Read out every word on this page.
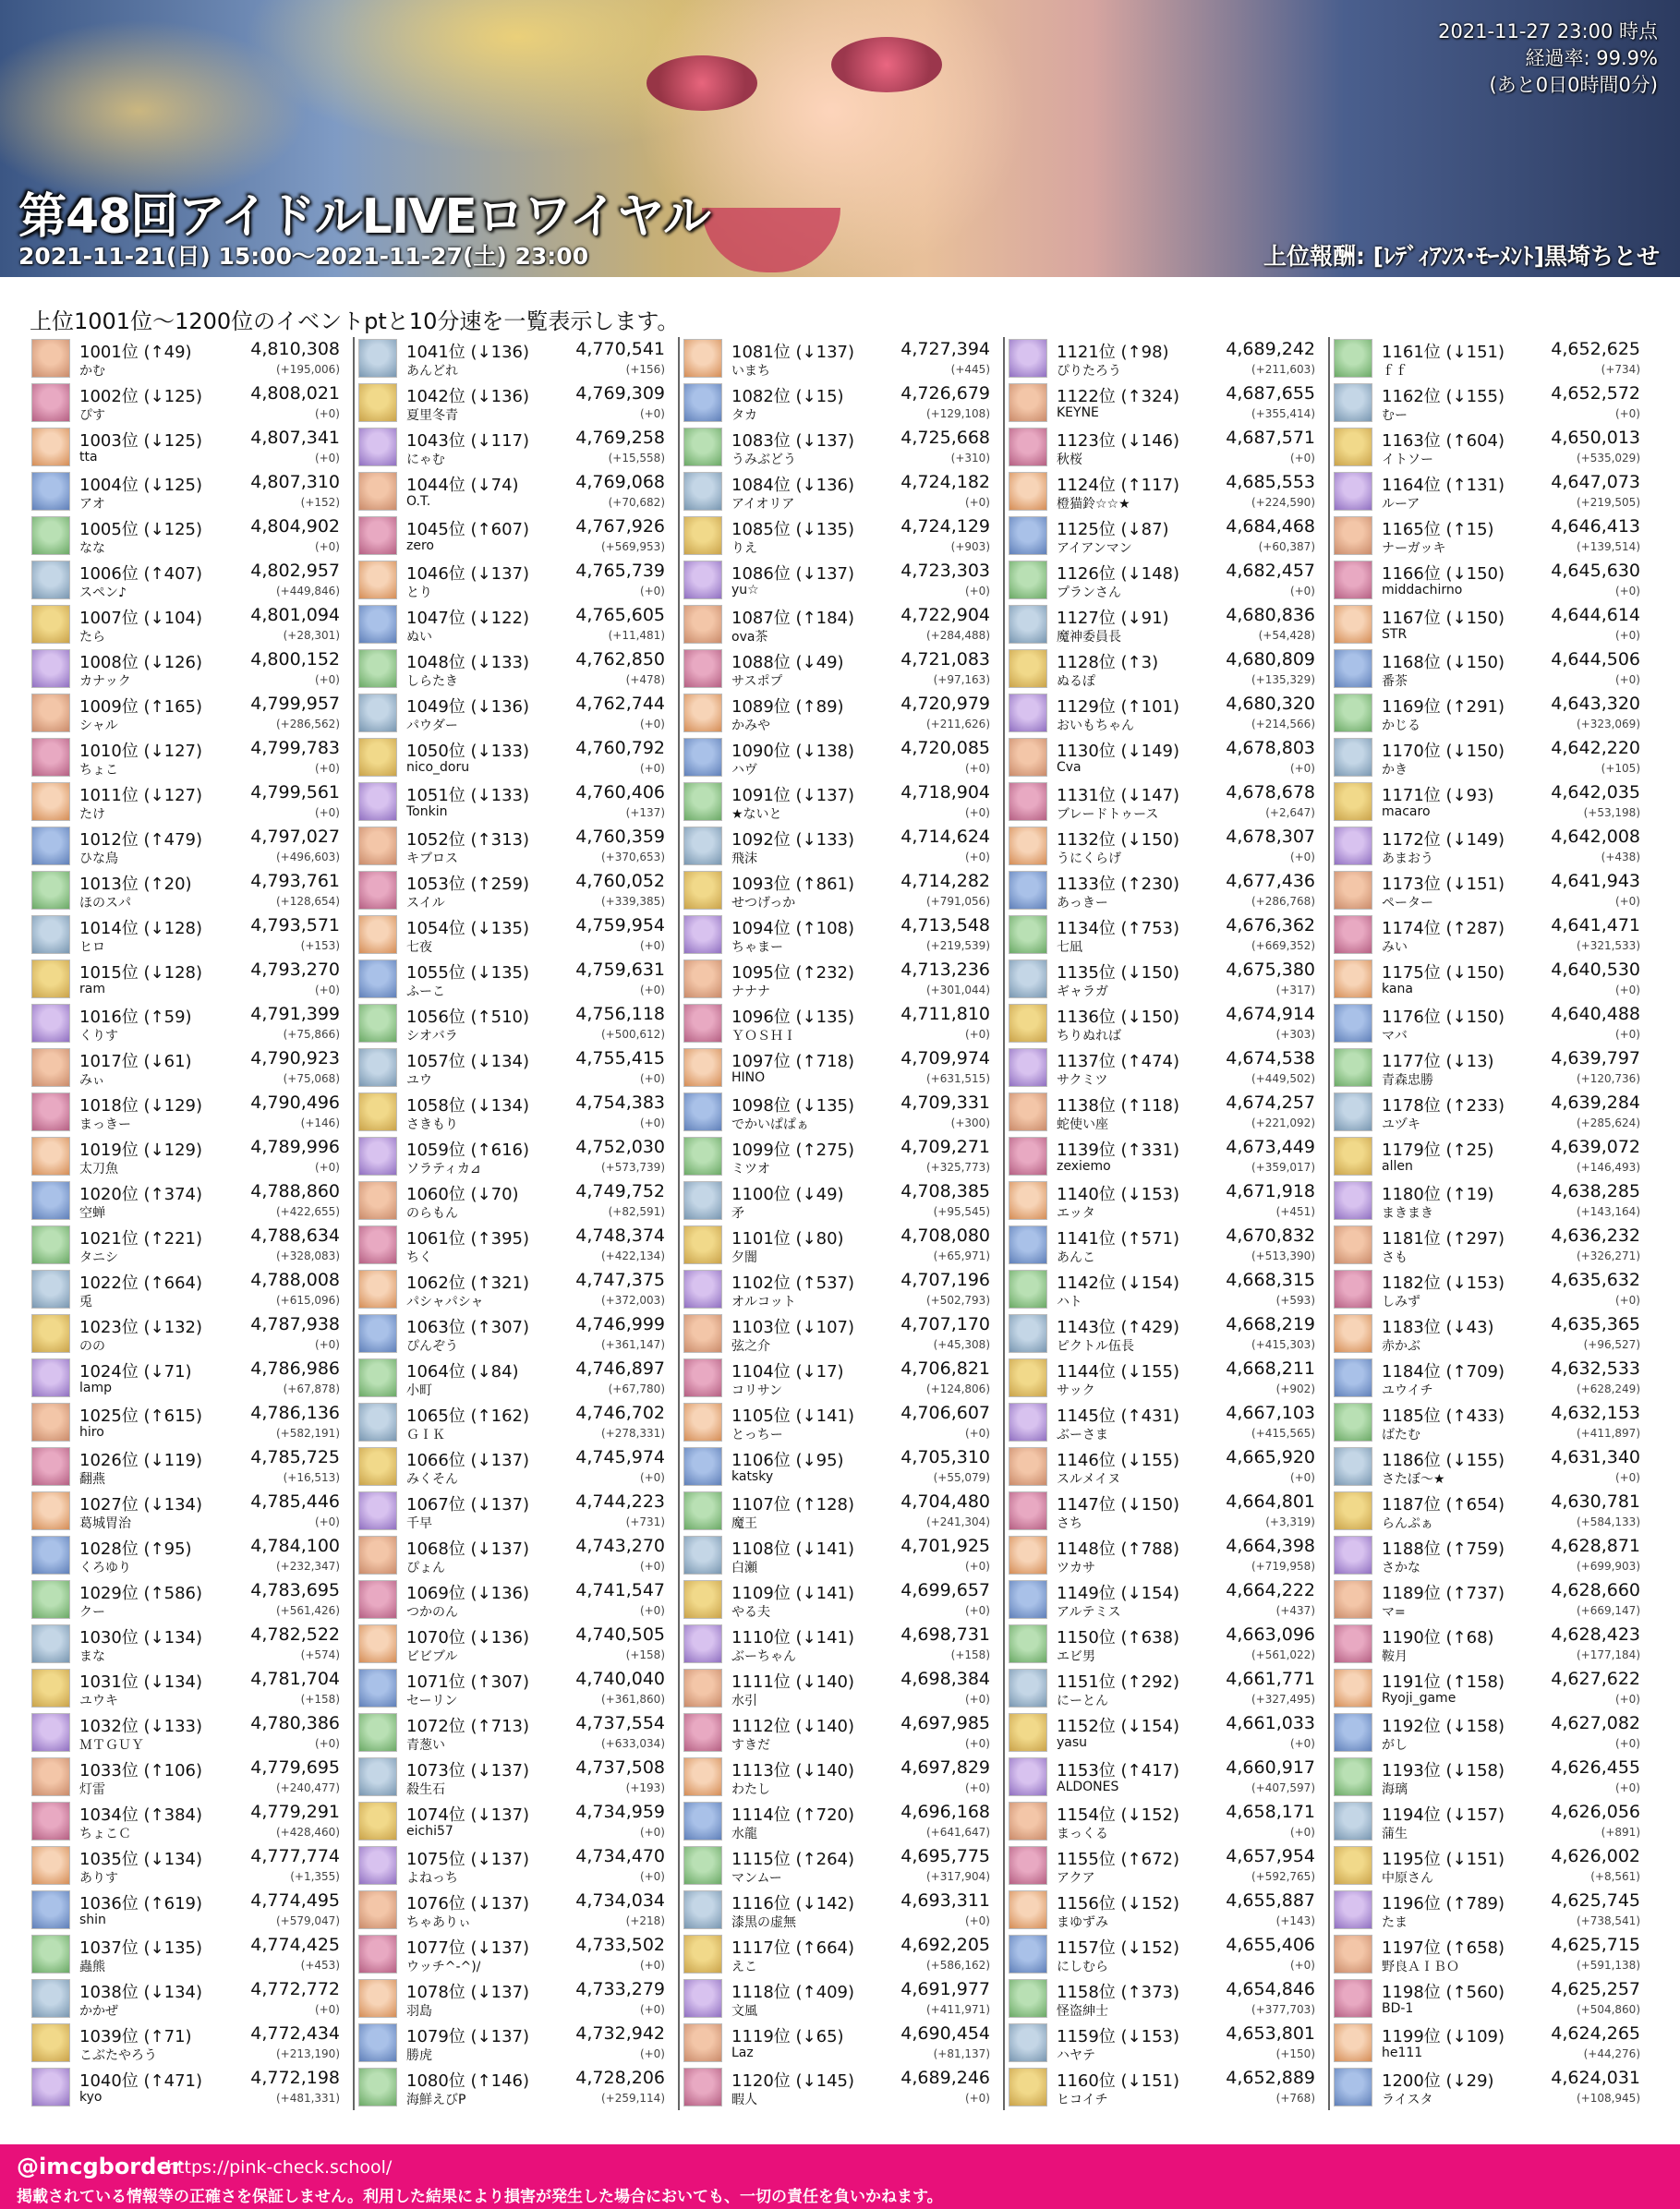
2021-11-27 23:00 時点
経過率: 99.9%
(あと0日0時間0分)
第48回アイドルLIVEロワイヤル
2021-11-21(日) 15:00〜2021-11-27(土) 23:00	上位報酬: [ﾚﾃﾞｨｱﾝｽ･ﾓｰﾒﾝﾄ]黒埼ちとせ
上位1001位〜1200位のイベントptと10分速を一覧表示します。
1001位 (↑49)	4,810,308
かむ	(+195,006)
1002位 (↓125)	4,808,021
ぴす	(+0)
1003位 (↓125)	4,807,341
tta	(+0)
1004位 (↓125)	4,807,310
アオ	(+152)
1005位 (↓125)	4,804,902
なな	(+0)
1006位 (↑407)	4,802,957
スペン♪	(+449,846)
1007位 (↓104)	4,801,094
たら	(+28,301)
1008位 (↓126)	4,800,152
カナック	(+0)
1009位 (↑165)	4,799,957
シャル	(+286,562)
1010位 (↓127)	4,799,783
ちょこ	(+0)
1011位 (↓127)	4,799,561
たけ	(+0)
1012位 (↑479)	4,797,027
ひな鳥	(+496,603)
1013位 (↑20)	4,793,761
ほのスパ	(+128,654)
1014位 (↓128)	4,793,571
ヒロ	(+153)
1015位 (↓128)	4,793,270
ram	(+0)
1016位 (↑59)	4,791,399
くりす	(+75,866)
1017位 (↓61)	4,790,923
みぃ	(+75,068)
1018位 (↓129)	4,790,496
まっきー	(+146)
1019位 (↓129)	4,789,996
太刀魚	(+0)
1020位 (↑374)	4,788,860
空蝉	(+422,655)
1021位 (↑221)	4,788,634
タニシ	(+328,083)
1022位 (↑664)	4,788,008
兎	(+615,096)
1023位 (↓132)	4,787,938
のの	(+0)
1024位 (↓71)	4,786,986
lamp	(+67,878)
1025位 (↑615)	4,786,136
hiro	(+582,191)
1026位 (↓119)	4,785,725
翻燕	(+16,513)
1027位 (↓134)	4,785,446
葛城胃治	(+0)
1028位 (↑95)	4,784,100
くろゆり	(+232,347)
1029位 (↑586)	4,783,695
クー	(+561,426)
1030位 (↓134)	4,782,522
まな	(+574)
1031位 (↓134)	4,781,704
ユウキ	(+158)
1032位 (↓133)	4,780,386
ＭＴＧＵＹ	(+0)
1033位 (↑106)	4,779,695
灯雷	(+240,477)
1034位 (↑384)	4,779,291
ちょこＣ	(+428,460)
1035位 (↓134)	4,777,774
ありす	(+1,355)
1036位 (↑619)	4,774,495
shin	(+579,047)
1037位 (↓135)	4,774,425
蟲熊	(+453)
1038位 (↓134)	4,772,772
かかぜ	(+0)
1039位 (↑71)	4,772,434
こぶたやろう	(+213,190)
1040位 (↑471)	4,772,198
kyo	(+481,331)
1041位 (↓136)	4,770,541
あんどれ	(+156)
1042位 (↓136)	4,769,309
夏里冬青	(+0)
1043位 (↓117)	4,769,258
にゃむ	(+15,558)
1044位 (↓74)	4,769,068
O.T.	(+70,682)
1045位 (↑607)	4,767,926
zero	(+569,953)
1046位 (↓137)	4,765,739
とり	(+0)
1047位 (↓122)	4,765,605
ぬい	(+11,481)
1048位 (↓133)	4,762,850
しらたき	(+478)
1049位 (↓136)	4,762,744
パウダー	(+0)
1050位 (↓133)	4,760,792
nico_doru	(+0)
1051位 (↓133)	4,760,406
Tonkin	(+137)
1052位 (↑313)	4,760,359
キブロス	(+370,653)
1053位 (↑259)	4,760,052
スイル	(+339,385)
1054位 (↓135)	4,759,954
七夜	(+0)
1055位 (↓135)	4,759,631
ふーこ	(+0)
1056位 (↑510)	4,756,118
シオバラ	(+500,612)
1057位 (↓134)	4,755,415
ユウ	(+0)
1058位 (↓134)	4,754,383
さきもり	(+0)
1059位 (↑616)	4,752,030
ソラティカ⊿	(+573,739)
1060位 (↓70)	4,749,752
のらもん	(+82,591)
1061位 (↑395)	4,748,374
ちく	(+422,134)
1062位 (↑321)	4,747,375
パシャパシャ	(+372,003)
1063位 (↑307)	4,746,999
ぴんぞう	(+361,147)
1064位 (↓84)	4,746,897
小町	(+67,780)
1065位 (↑162)	4,746,702
ＧＩＫ	(+278,331)
1066位 (↓137)	4,745,974
みくそん	(+0)
1067位 (↓137)	4,744,223
千早	(+731)
1068位 (↓137)	4,743,270
ぴょん	(+0)
1069位 (↓136)	4,741,547
つかのん	(+0)
1070位 (↓136)	4,740,505
ビビブル	(+158)
1071位 (↑307)	4,740,040
セーリン	(+361,860)
1072位 (↑713)	4,737,554
青葱い	(+633,034)
1073位 (↓137)	4,737,508
殺生石	(+193)
1074位 (↓137)	4,734,959
eichi57	(+0)
1075位 (↓137)	4,734,470
よねっち	(+0)
1076位 (↓137)	4,734,034
ちゃありぃ	(+218)
1077位 (↓137)	4,733,502
ウッチ^-^)/	(+0)
1078位 (↓137)	4,733,279
羽島	(+0)
1079位 (↓137)	4,732,942
勝虎	(+0)
1080位 (↑146)	4,728,206
海鮮えびP	(+259,114)
1081位 (↓137)	4,727,394
いまち	(+445)
1082位 (↓15)	4,726,679
タカ	(+129,108)
1083位 (↓137)	4,725,668
うみぶどう	(+310)
1084位 (↓136)	4,724,182
アイオリア	(+0)
1085位 (↓135)	4,724,129
りえ	(+903)
1086位 (↓137)	4,723,303
yu☆	(+0)
1087位 (↑184)	4,722,904
ova茶	(+284,488)
1088位 (↓49)	4,721,083
サスポプ	(+97,163)
1089位 (↑89)	4,720,979
かみや	(+211,626)
1090位 (↓138)	4,720,085
ハヴ	(+0)
1091位 (↓137)	4,718,904
★ないと	(+0)
1092位 (↓133)	4,714,624
飛沫	(+0)
1093位 (↑861)	4,714,282
せつげっか	(+791,056)
1094位 (↑108)	4,713,548
ちゃまー	(+219,539)
1095位 (↑232)	4,713,236
ナナナ	(+301,044)
1096位 (↓135)	4,711,810
ＹＯＳＨＩ	(+0)
1097位 (↑718)	4,709,974
HINO	(+631,515)
1098位 (↓135)	4,709,331
でかいぱぱぁ	(+300)
1099位 (↑275)	4,709,271
ミツオ	(+325,773)
1100位 (↓49)	4,708,385
矛	(+95,545)
1101位 (↓80)	4,708,080
夕闇	(+65,971)
1102位 (↑537)	4,707,196
オルコット	(+502,793)
1103位 (↓107)	4,707,170
弦之介	(+45,308)
1104位 (↓17)	4,706,821
コリサン	(+124,806)
1105位 (↓141)	4,706,607
とっちー	(+0)
1106位 (↓95)	4,705,310
katsky	(+55,079)
1107位 (↑128)	4,704,480
魔王	(+241,304)
1108位 (↓141)	4,701,925
白瀬	(+0)
1109位 (↓141)	4,699,657
やる夫	(+0)
1110位 (↓141)	4,698,731
ぶーちゃん	(+158)
1111位 (↓140)	4,698,384
水引	(+0)
1112位 (↓140)	4,697,985
すきだ	(+0)
1113位 (↓140)	4,697,829
わたし	(+0)
1114位 (↑720)	4,696,168
水龍	(+641,647)
1115位 (↑264)	4,695,775
マンムー	(+317,904)
1116位 (↓142)	4,693,311
漆黒の虚無	(+0)
1117位 (↑664)	4,692,205
えこ	(+586,162)
1118位 (↑409)	4,691,977
文風	(+411,971)
1119位 (↓65)	4,690,454
Laz	(+81,137)
1120位 (↓145)	4,689,246
暇人	(+0)
1121位 (↑98)	4,689,242
ぴりたろう	(+211,603)
1122位 (↑324)	4,687,655
KEYNE	(+355,414)
1123位 (↓146)	4,687,571
秋桜	(+0)
1124位 (↑117)	4,685,553
橙猫鈴☆☆★	(+224,590)
1125位 (↓87)	4,684,468
アイアンマン	(+60,387)
1126位 (↓148)	4,682,457
プランさん	(+0)
1127位 (↓91)	4,680,836
魔神委員長	(+54,428)
1128位 (↑3)	4,680,809
ぬるぽ	(+135,329)
1129位 (↑101)	4,680,320
おいもちゃん	(+214,566)
1130位 (↓149)	4,678,803
Cva	(+0)
1131位 (↓147)	4,678,678
ブレードトゥース	(+2,647)
1132位 (↓150)	4,678,307
うにくらげ	(+0)
1133位 (↑230)	4,677,436
あっきー	(+286,768)
1134位 (↑753)	4,676,362
七凪	(+669,352)
1135位 (↓150)	4,675,380
ギャラガ	(+317)
1136位 (↓150)	4,674,914
ちりぬれば	(+303)
1137位 (↑474)	4,674,538
サクミツ	(+449,502)
1138位 (↑118)	4,674,257
蛇使い座	(+221,092)
1139位 (↑331)	4,673,449
zexiemo	(+359,017)
1140位 (↓153)	4,671,918
エッタ	(+451)
1141位 (↑571)	4,670,832
あんこ	(+513,390)
1142位 (↓154)	4,668,315
ハト	(+593)
1143位 (↑429)	4,668,219
ピクトル伍長	(+415,303)
1144位 (↓155)	4,668,211
サック	(+902)
1145位 (↑431)	4,667,103
ぶーさま	(+415,565)
1146位 (↓155)	4,665,920
スルメイヌ	(+0)
1147位 (↓150)	4,664,801
さち	(+3,319)
1148位 (↑788)	4,664,398
ツカサ	(+719,958)
1149位 (↓154)	4,664,222
アルテミス	(+437)
1150位 (↑638)	4,663,096
エビ男	(+561,022)
1151位 (↑292)	4,661,771
にーとん	(+327,495)
1152位 (↓154)	4,661,033
yasu	(+0)
1153位 (↑417)	4,660,917
ALDONES	(+407,597)
1154位 (↓152)	4,658,171
まっくる	(+0)
1155位 (↑672)	4,657,954
アクア	(+592,765)
1156位 (↓152)	4,655,887
まゆずみ	(+143)
1157位 (↓152)	4,655,406
にしむら	(+0)
1158位 (↑373)	4,654,846
怪盗紳士	(+377,703)
1159位 (↓153)	4,653,801
ハヤテ	(+150)
1160位 (↓151)	4,652,889
ヒコイチ	(+768)
1161位 (↓151)	4,652,625
ｆｆ	(+734)
1162位 (↓155)	4,652,572
むー	(+0)
1163位 (↑604)	4,650,013
イトソー	(+535,029)
1164位 (↑131)	4,647,073
ルーア	(+219,505)
1165位 (↑15)	4,646,413
ナーガッキ	(+139,514)
1166位 (↓150)	4,645,630
middachirno	(+0)
1167位 (↓150)	4,644,614
STR	(+0)
1168位 (↓150)	4,644,506
番茶	(+0)
1169位 (↑291)	4,643,320
かじる	(+323,069)
1170位 (↓150)	4,642,220
かき	(+105)
1171位 (↓93)	4,642,035
macaro	(+53,198)
1172位 (↓149)	4,642,008
あまおう	(+438)
1173位 (↓151)	4,641,943
ペーター	(+0)
1174位 (↑287)	4,641,471
みい	(+321,533)
1175位 (↓150)	4,640,530
kana	(+0)
1176位 (↓150)	4,640,488
マバ	(+0)
1177位 (↓13)	4,639,797
青森忠勝	(+120,736)
1178位 (↑233)	4,639,284
ユヅキ	(+285,624)
1179位 (↑25)	4,639,072
allen	(+146,493)
1180位 (↑19)	4,638,285
まきまき	(+143,164)
1181位 (↑297)	4,636,232
さも	(+326,271)
1182位 (↓153)	4,635,632
しみず	(+0)
1183位 (↓43)	4,635,365
赤かぶ	(+96,527)
1184位 (↑709)	4,632,533
ユウイチ	(+628,249)
1185位 (↑433)	4,632,153
ばたむ	(+411,897)
1186位 (↓155)	4,631,340
さたぼ〜★	(+0)
1187位 (↑654)	4,630,781
らんぷぁ	(+584,133)
1188位 (↑759)	4,628,871
さかな	(+699,903)
1189位 (↑737)	4,628,660
マ=	(+669,147)
1190位 (↑68)	4,628,423
鞍月	(+177,184)
1191位 (↑158)	4,627,622
Ryoji_game	(+0)
1192位 (↓158)	4,627,082
がし	(+0)
1193位 (↓158)	4,626,455
海璃	(+0)
1194位 (↓157)	4,626,056
蒲生	(+891)
1195位 (↓151)	4,626,002
中原さん	(+8,561)
1196位 (↑789)	4,625,745
たま	(+738,541)
1197位 (↑658)	4,625,715
野良ＡＩＢＯ	(+591,138)
1198位 (↑560)	4,625,257
BD-1	(+504,860)
1199位 (↓109)	4,624,265
he111	(+44,276)
1200位 (↓29)	4,624,031
ライスタ	(+108,945)
@imcgborder
https://pink-check.school/
掲載されている情報等の正確さを保証しません。利用した結果により損害が発生した場合においても、一切の責任を負いかねます。
